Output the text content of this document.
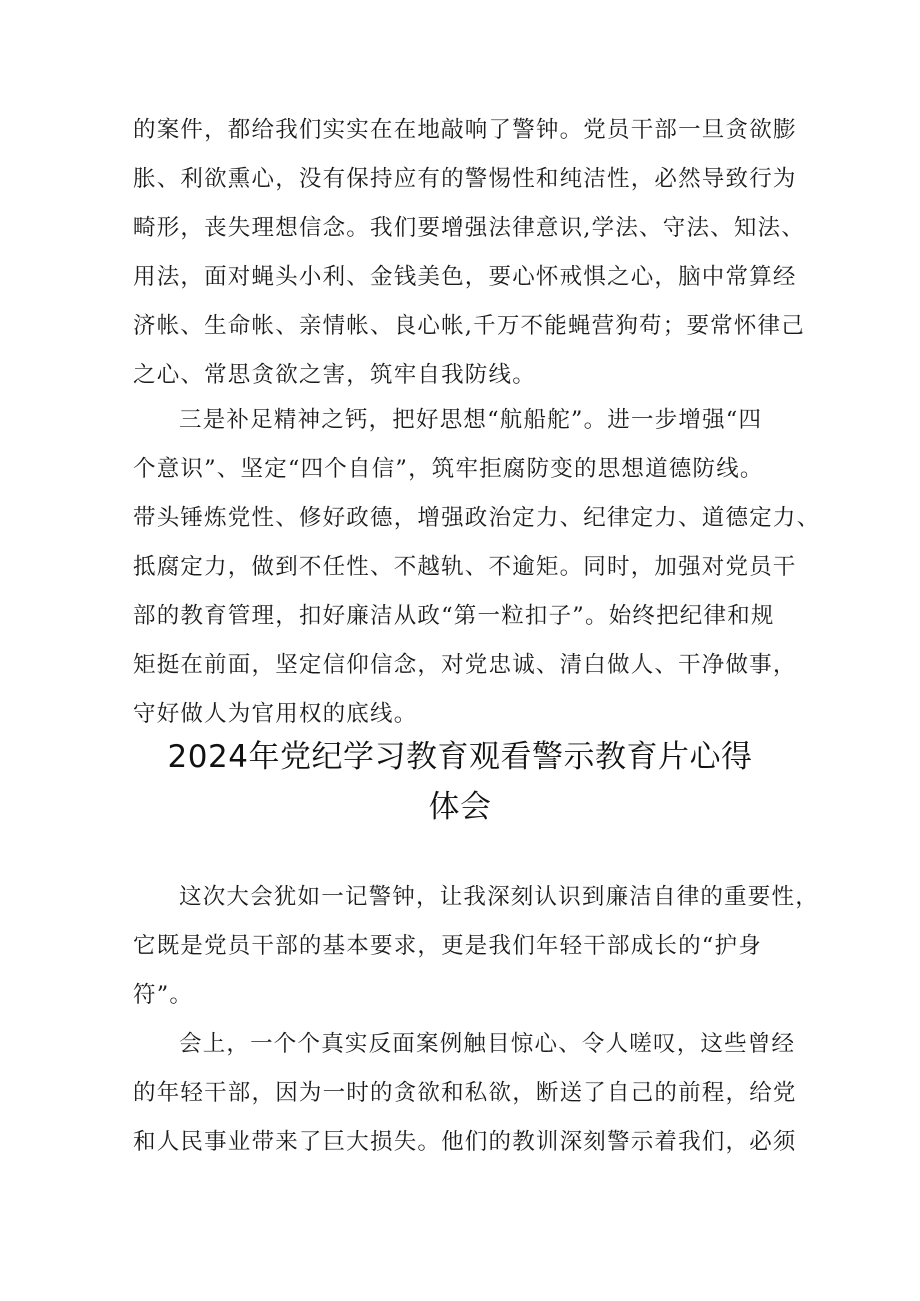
的案件，都给我们实实在在地敲响了警钟。党员干部一旦贪欲膨
胀、利欲熏心，没有保持应有的警惕性和纯洁性，必然导致行为
畸形，丧失理想信念。我们要增强法律意识,学法、守法、知法、
用法，面对蝇头小利、金钱美色，要心怀戒惧之心，脑中常算经
济帐、生命帐、亲情帐、良心帐,千万不能蝇营狗苟；要常怀律己
之心、常思贪欲之害，筑牢自我防线。
三是补足精神之钙，把好思想“航船舵”。进一步增强“四
个意识”、坚定“四个自信”，筑牢拒腐防变的思想道德防线。
带头锤炼党性、修好政德，增强政治定力、纪律定力、道德定力、
抵腐定力，做到不任性、不越轨、不逾矩。同时，加强对党员干
部的教育管理，扣好廉洁从政“第一粒扣子”。始终把纪律和规
矩挺在前面，坚定信仰信念，对党忠诚、清白做人、干净做事，
守好做人为官用权的底线。
2024年党纪学习教育观看警示教育片心得
体会
这次大会犹如一记警钟，让我深刻认识到廉洁自律的重要性，
它既是党员干部的基本要求，更是我们年轻干部成长的“护身
符”。
会上，一个个真实反面案例触目惊心、令人嗟叹，这些曾经
的年轻干部，因为一时的贪欲和私欲，断送了自己的前程，给党
和人民事业带来了巨大损失。他们的教训深刻警示着我们，必须
